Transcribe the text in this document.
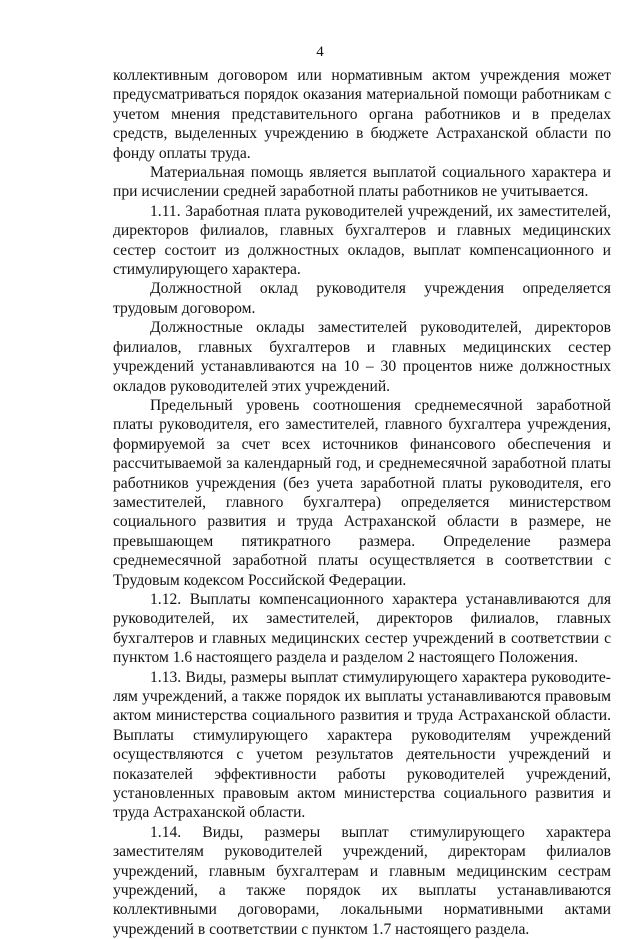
4

коллективным договором или нормативным актом учреждения может предусматриваться порядок оказания материальной помощи работникам с учетом мнения представительного органа работников и в пределах средств, выделенных учреждению в бюджете Астраханской области по фонду оплаты труда.

Материальная помощь является выплатой социального характера и при исчислении средней заработной платы работников не учитывается.

1.11. Заработная плата руководителей учреждений, их заместителей, директоров филиалов, главных бухгалтеров и главных медицинских сестер состоит из должностных окладов, выплат компенсационного и стимулирующего характера.

Должностной оклад руководителя учреждения определяется трудовым договором.

Должностные оклады заместителей руководителей, директоров филиалов, главных бухгалтеров и главных медицинских сестер учреждений устанавливаются на 10 – 30 процентов ниже должностных окладов руководителей этих учреждений.

Предельный уровень соотношения среднемесячной заработной платы руководителя, его заместителей, главного бухгалтера учреждения, формируемой за счет всех источников финансового обеспечения и рассчитываемой за календарный год, и среднемесячной заработной платы работников учреждения (без учета заработной платы руководителя, его заместителей, главного бухгалтера) определяется министерством социального развития и труда Астраханской области в размере, не превышающем пятикратного размера. Определение размера среднемесячной заработной платы осуществляется в соответствии с Трудовым кодексом Российской Федерации.

1.12. Выплаты компенсационного характера устанавливаются для руководителей, их заместителей, директоров филиалов, главных бухгалтеров и главных медицинских сестер учреждений в соответствии с пунктом 1.6 настоящего раздела и разделом 2 настоящего Положения.

1.13. Виды, размеры выплат стимулирующего характера руководителям учреждений, а также порядок их выплаты устанавливаются правовым актом министерства социального развития и труда Астраханской области. Выплаты стимулирующего характера руководителям учреждений осуществляются с учетом результатов деятельности учреждений и показателей эффективности работы руководителей учреждений, установленных правовым актом министерства социального развития и труда Астраханской области.

1.14. Виды, размеры выплат стимулирующего характера заместителям руководителей учреждений, директорам филиалов учреждений, главным бухгалтерам и главным медицинским сестрам учреждений, а также порядок их выплаты устанавливаются коллективными договорами, локальными нормативными актами учреждений в соответствии с пунктом 1.7 настоящего раздела.
